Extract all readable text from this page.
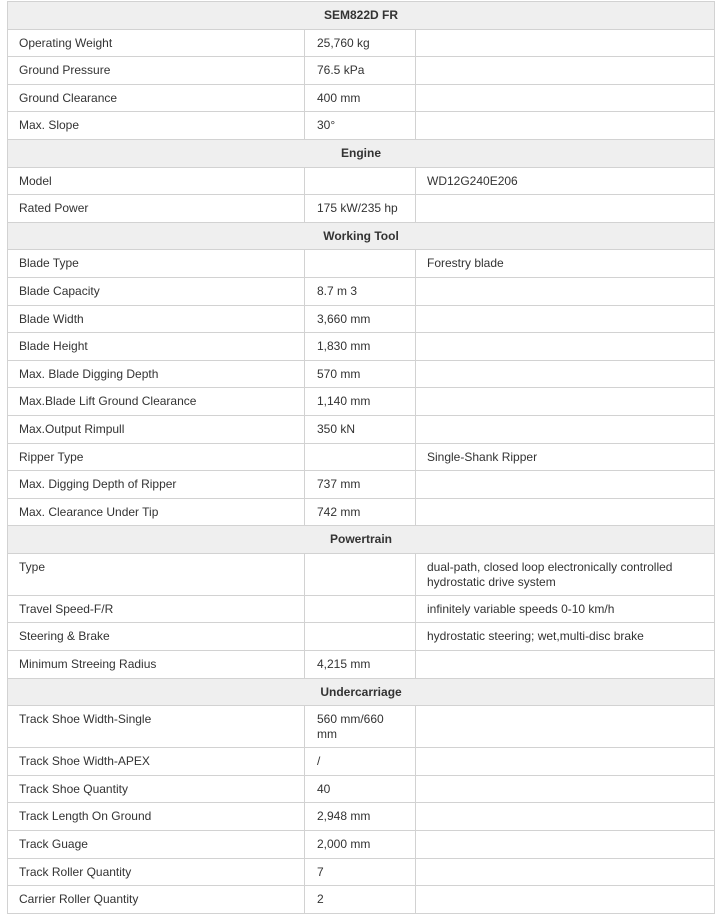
SEM822D FR		
Operating Weight	25,760 kg	
Ground Pressure	76.5 kPa	
Ground Clearance	400 mm	
Max. Slope	30°	
Engine		
Model		WD12G240E206
Rated Power	175 kW/235 hp	
Working Tool		
Blade Type		Forestry blade
Blade Capacity	8.7 m 3	
Blade Width	3,660 mm	
Blade Height	1,830 mm	
Max. Blade Digging Depth	570 mm	
Max.Blade Lift Ground Clearance	1,140 mm	
Max.Output Rimpull	350 kN	
Ripper Type		Single-Shank Ripper
Max. Digging Depth of Ripper	737 mm	
Max. Clearance Under Tip	742 mm	
Powertrain		
Type		dual-path, closed loop electronically controlled hydrostatic drive system
Travel Speed-F/R		infinitely variable speeds 0-10 km/h
Steering & Brake		hydrostatic steering; wet,multi-disc brake
Minimum Streeing Radius	4,215 mm	
Undercarriage		
Track Shoe Width-Single	560 mm/660 mm	
Track Shoe Width-APEX	/	
Track Shoe Quantity	40	
Track Length On Ground	2,948 mm	
Track Guage	2,000 mm	
Track Roller Quantity	7	
Carrier Roller Quantity	2	
